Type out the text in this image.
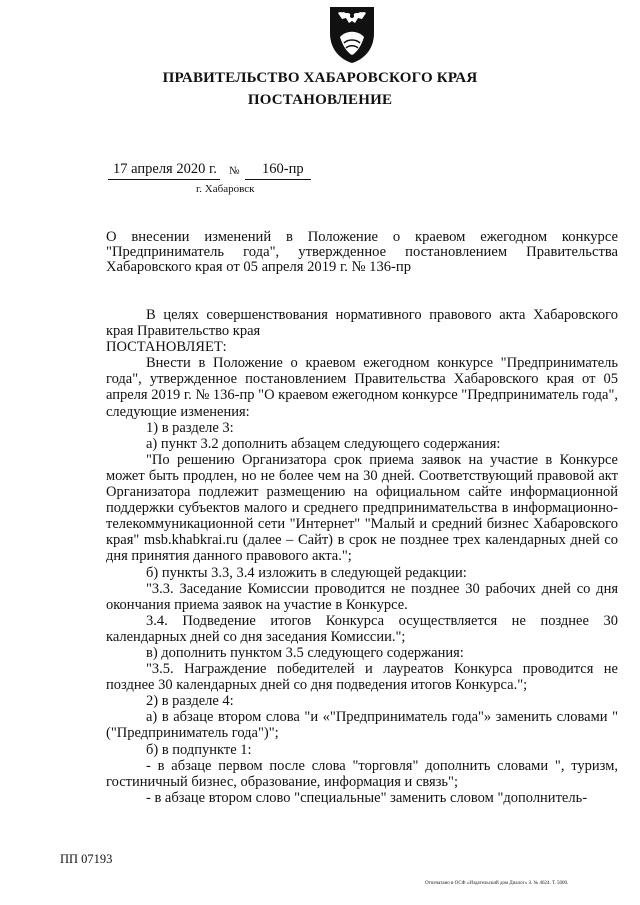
ПРАВИТЕЛЬСТВО ХАБАРОВСКОГО КРАЯ
ПОСТАНОВЛЕНИЕ
17 апреля 2020 г. № 160-пр
г. Хабаровск

О внесении изменений в Положение о краевом ежегодном конкурсе "Предприниматель года", утвержденное постановлением Правительства Хабаровского края от 05 апреля 2019 г. № 136-пр

В целях совершенствования нормативного правового акта Хабаровского края Правительство края

ПОСТАНОВЛЯЕТ:

Внести в Положение о краевом ежегодном конкурсе "Предприниматель года", утвержденное постановлением Правительства Хабаровского края от 05 апреля 2019 г. № 136-пр "О краевом ежегодном конкурсе "Предприниматель года", следующие изменения:

1) в разделе 3:

а) пункт 3.2 дополнить абзацем следующего содержания:

"По решению Организатора срок приема заявок на участие в Конкурсе может быть продлен, но не более чем на 30 дней. Соответствующий правовой акт Организатора подлежит размещению на официальном сайте информационной поддержки субъектов малого и среднего предпринимательства в информационно-телекоммуникационной сети "Интернет" "Малый и средний бизнес Хабаровского края" msb.khabkrai.ru (далее – Сайт) в срок не позднее трех календарных дней со дня принятия данного правового акта.";

б) пункты 3.3, 3.4 изложить в следующей редакции:

"3.3. Заседание Комиссии проводится не позднее 30 рабочих дней со дня окончания приема заявок на участие в Конкурсе.

3.4. Подведение итогов Конкурса осуществляется не позднее 30 календарных дней со дня заседания Комиссии.";

в) дополнить пунктом 3.5 следующего содержания:

"3.5. Награждение победителей и лауреатов Конкурса проводится не позднее 30 календарных дней со дня подведения итогов Конкурса.";

2) в разделе 4:

а) в абзаце втором слова "и «"Предприниматель года"» заменить словами "("Предприниматель года")";

б) в подпункте 1:

- в абзаце первом после слова "торговля" дополнить словами ", туризм, гостиничный бизнес, образование, информация и связь";

- в абзаце втором слово "специальные" заменить словом "дополнитель-

ПП 07193
Отпечатано в ОСФ «Издательский дом Диалог» З. № 4624. Т. 5000.
